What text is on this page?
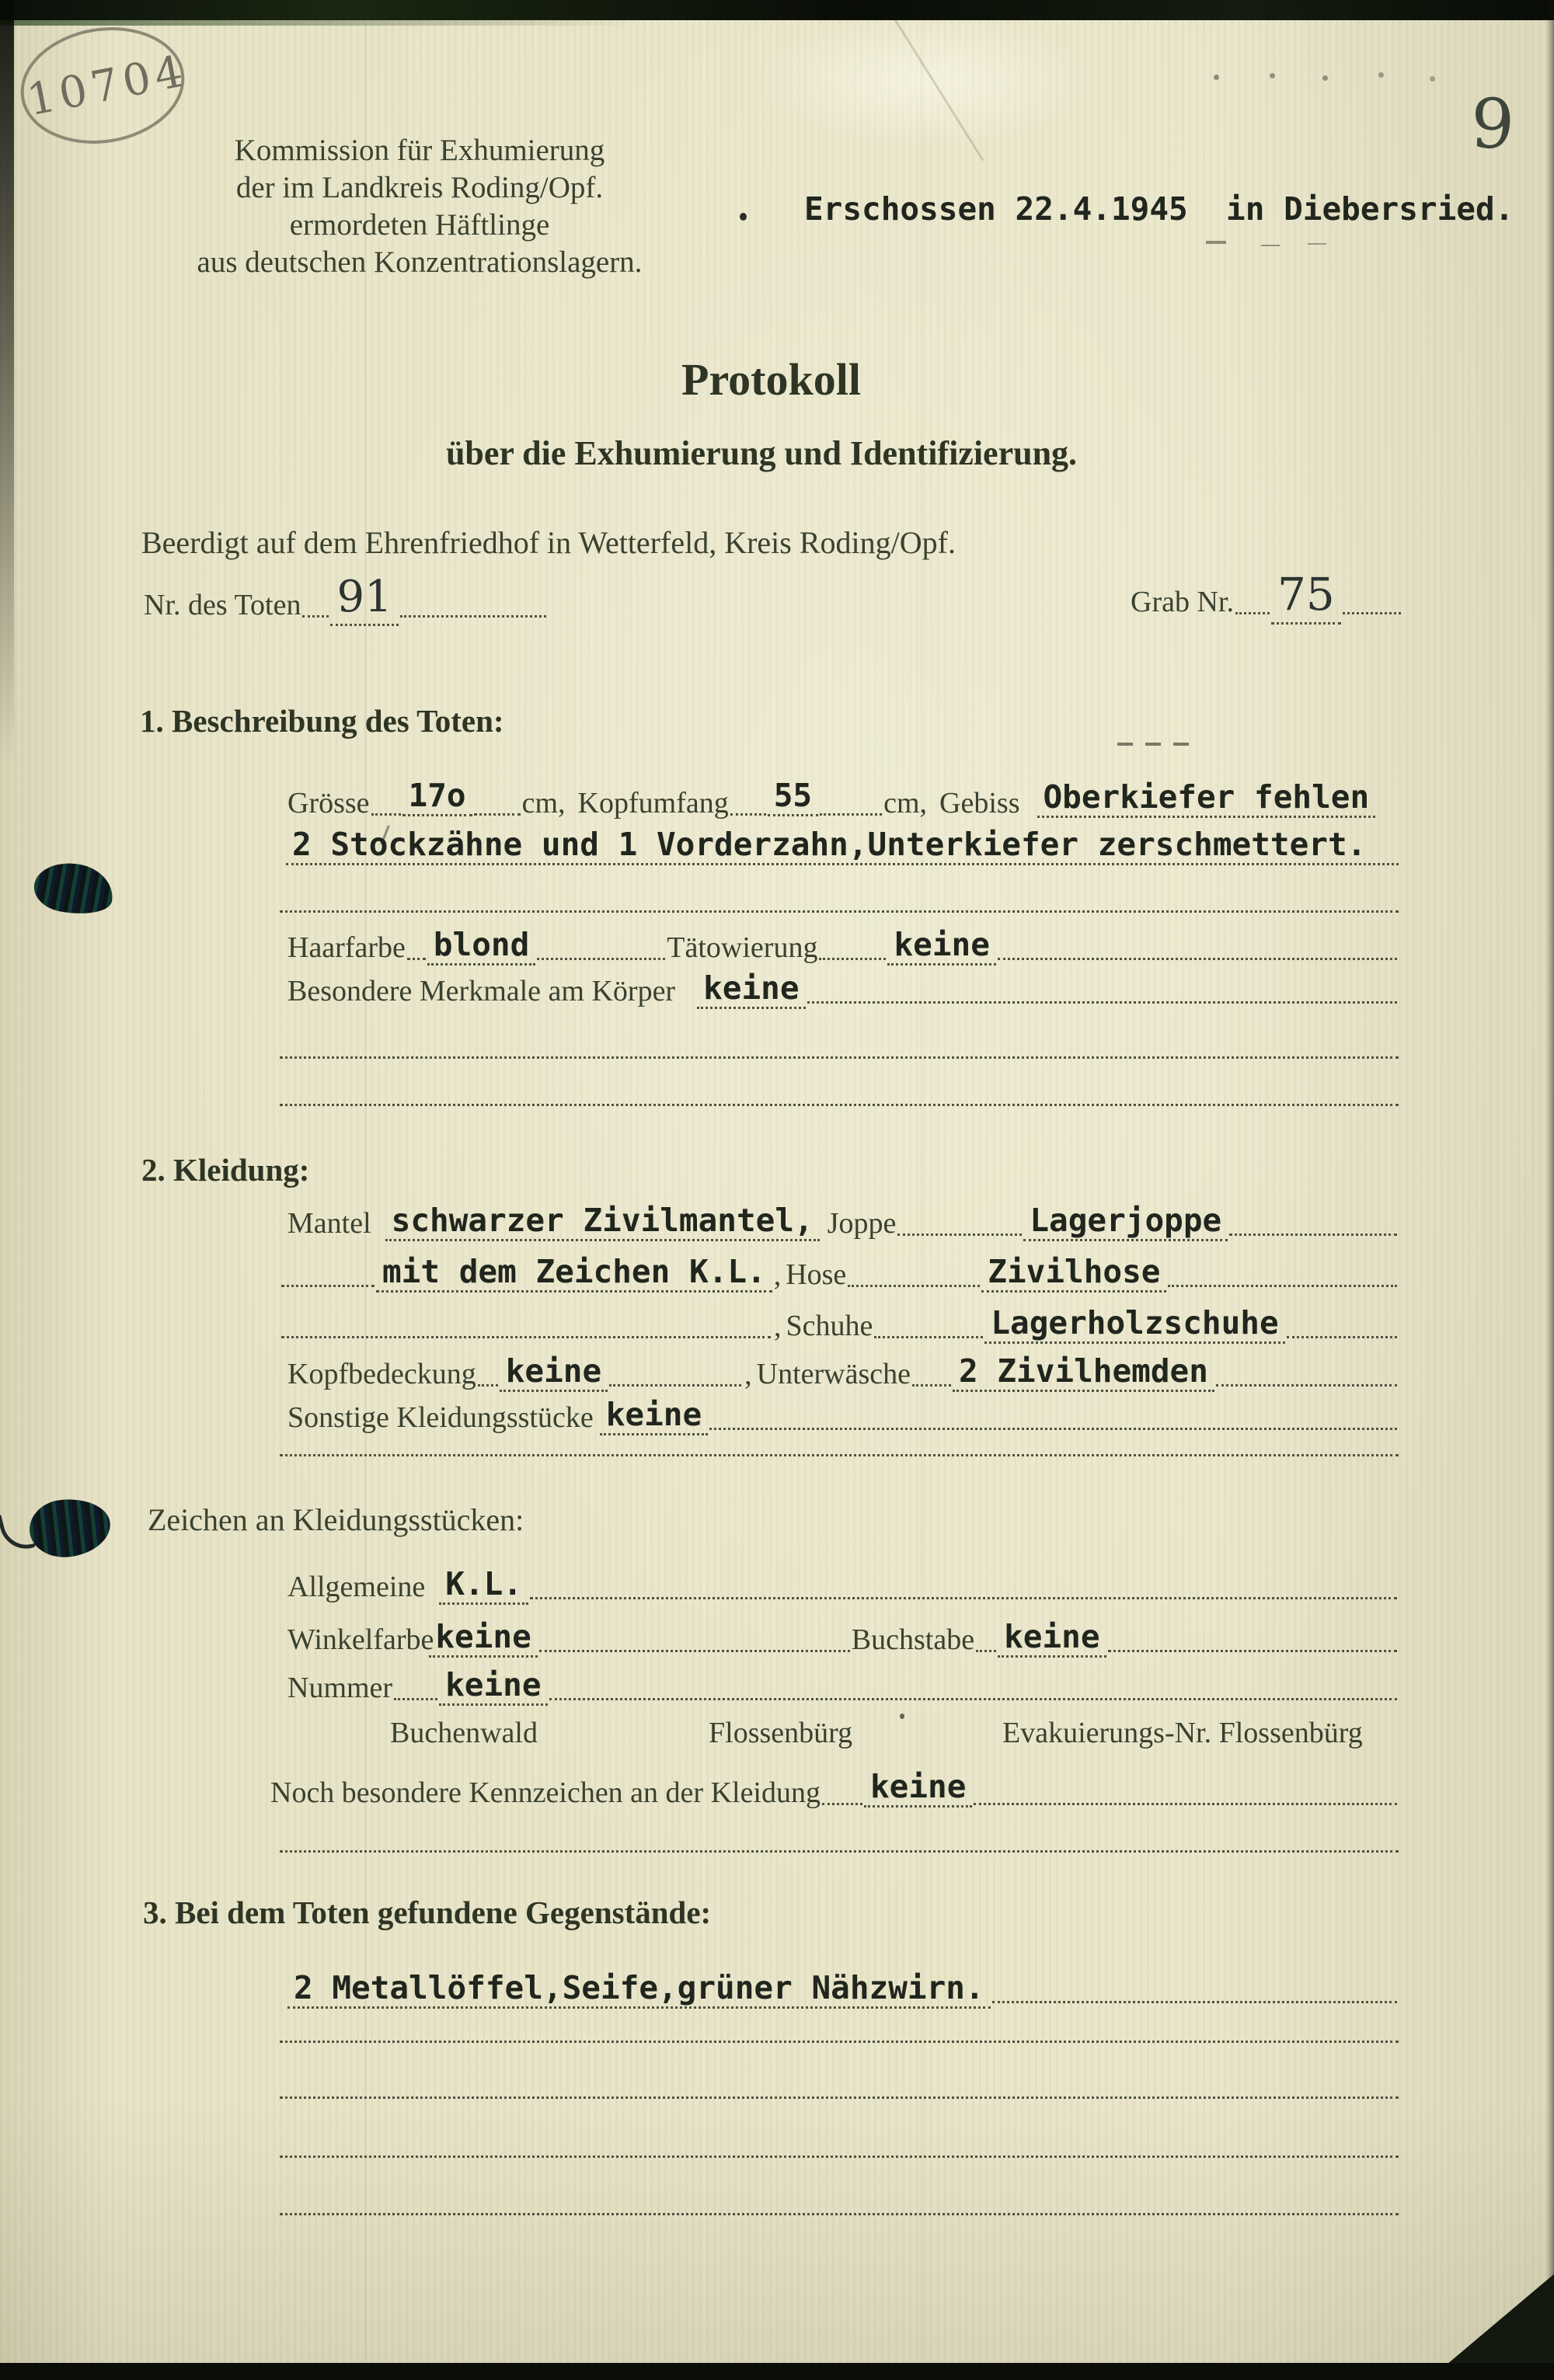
10704	9
Kommission für Exhumierung
der im Landkreis Roding/Opf.
ermordeten Häftlinge
aus deutschen Konzentrationslagern.
Erschossen 22.4.1945  in Diebersried.
Protokoll
über die Exhumierung und Identifizierung.
Beerdigt auf dem Ehrenfriedhof in Wetterfeld, Kreis Roding/Opf.
Nr. des Toten 91	Grab Nr. 75
1. Beschreibung des Toten:
Grösse 17o cm, Kopfumfang 55 cm, Gebiss Oberkiefer fehlen
2 Stockzähne und 1 Vorderzahn,Unterkiefer zerschmettert.
Haarfarbe blond	Tätowierung keine
Besondere Merkmale am Körper keine
2. Kleidung:
Mantel schwarzer Zivilmantel, Joppe	Lagerjoppe
mit dem Zeichen K.L. , Hose	Zivilhose
, Schuhe	Lagerholzschuhe
Kopfbedeckung keine	, Unterwäsche 2 Zivilhemden
Sonstige Kleidungsstücke keine
Zeichen an Kleidungsstücken:
Allgemeine K.L.
Winkelfarbe keine	Buchstabe keine
Nummer keine
Buchenwald	Flossenbürg	Evakuierungs-Nr. Flossenbürg
Noch besondere Kennzeichen an der Kleidung keine
3. Bei dem Toten gefundene Gegenstände:
2 Metallöffel,Seife,grüner Nähzwirn.
